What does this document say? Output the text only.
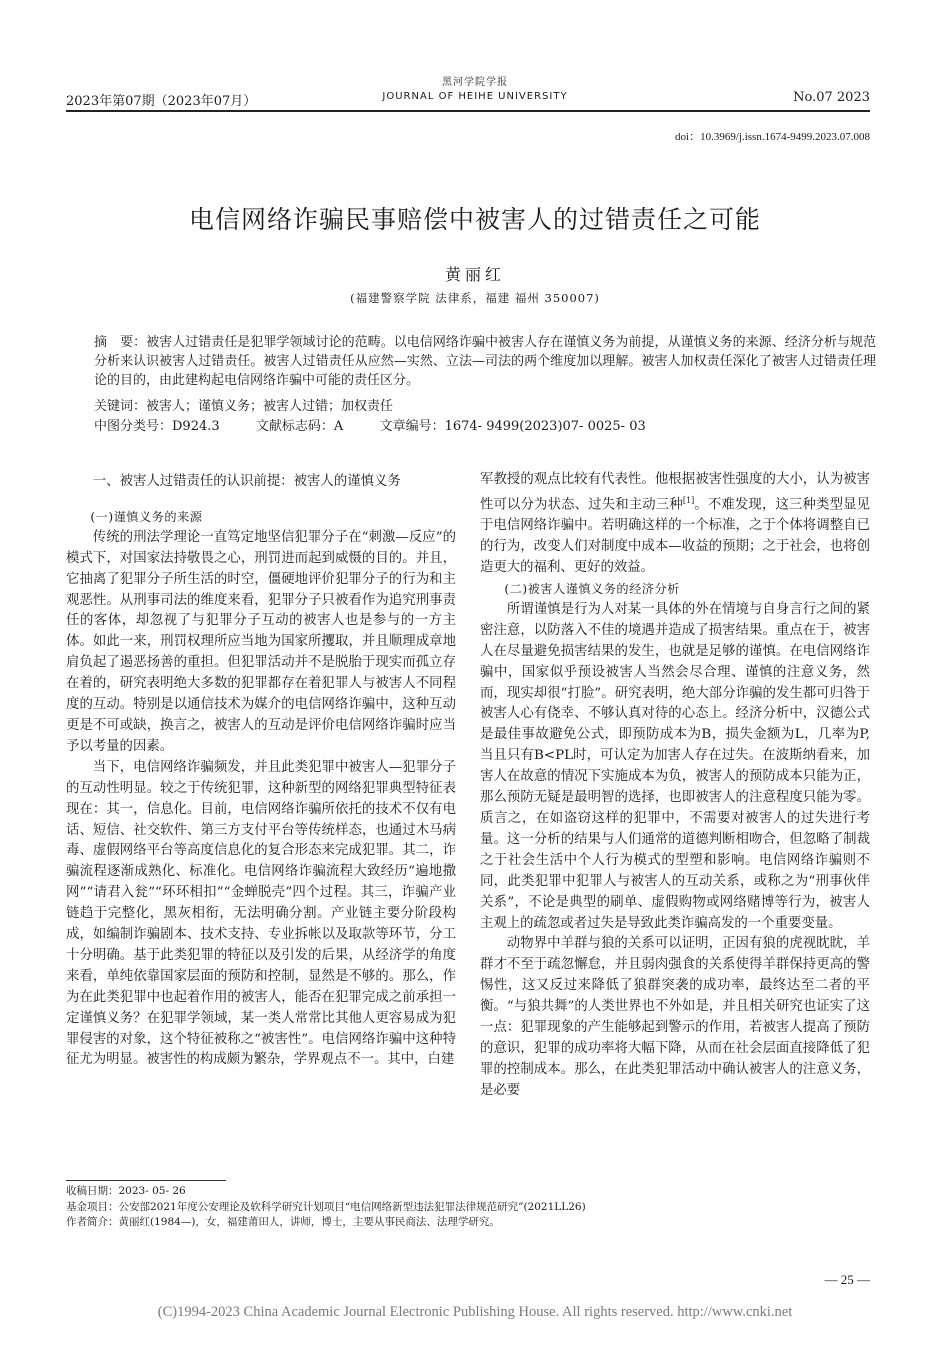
2023年第07期（2023年07月）
黑河学院学报
JOURNAL OF HEIHE UNIVERSITY	No.07 2023
doi：10.3969/j.issn.1674-9499.2023.07.008
电信网络诈骗民事赔偿中被害人的过错责任之可能
黄丽红
(福建警察学院 法律系，福建 福州 350007)
摘　要：被害人过错责任是犯罪学领域讨论的范畴。以电信网络诈骗中被害人存在谨慎义务为前提，从谨慎义务的来源、经济分析与规范分析来认识被害人过错责任。被害人过错责任从应然—实然、立法—司法的两个维度加以理解。被害人加权责任深化了被害人过错责任理论的目的，由此建构起电信网络诈骗中可能的责任区分。
关键词：被害人；谨慎义务；被害人过错；加权责任
中图分类号：D924.3	文献标志码：A	文章编号：1674- 9499(2023)07- 0025- 03
一、被害人过错责任的认识前提：被害人的谨慎义务
(一)谨慎义务的来源

传统的刑法学理论一直笃定地坚信犯罪分子在“刺激—反应”的模式下，对国家法持敬畏之心，刑罚进而起到威慑的目的。并且，它抽离了犯罪分子所生活的时空，僵硬地评价犯罪分子的行为和主观恶性。从刑事司法的维度来看，犯罪分子只被看作为追究刑事责任的客体，却忽视了与犯罪分子互动的被害人也是参与的一方主体。如此一来，刑罚权理所应当地为国家所攫取，并且顺理成章地肩负起了遏恶扬善的重担。但犯罪活动并不是脱胎于现实而孤立存在着的，研究表明绝大多数的犯罪都存在着犯罪人与被害人不同程度的互动。特别是以通信技术为媒介的电信网络诈骗中，这种互动更是不可或缺，换言之，被害人的互动是评价电信网络诈骗时应当予以考量的因素。

当下，电信网络诈骗频发，并且此类犯罪中被害人—犯罪分子的互动性明显。较之于传统犯罪，这种新型的网络犯罪典型特征表现在：其一，信息化。目前，电信网络诈骗所依托的技术不仅有电话、短信、社交软件、第三方支付平台等传统样态，也通过木马病毒、虚假网络平台等高度信息化的复合形态来完成犯罪。其二，诈骗流程逐渐成熟化、标准化。电信网络诈骗流程大致经历“遍地撒网”“请君入瓮”“环环相扣”“金蝉脱壳”四个过程。其三，诈骗产业链趋于完整化，黑灰相衔，无法明确分割。产业链主要分阶段构成，如编制诈骗剧本、技术支持、专业拆帐以及取款等环节，分工十分明确。基于此类犯罪的特征以及引发的后果，从经济学的角度来看，单纯依靠国家层面的预防和控制，显然是不够的。那么，作为在此类犯罪中也起着作用的被害人，能否在犯罪完成之前承担一定谨慎义务？在犯罪学领域，某一类人常常比其他人更容易成为犯罪侵害的对象，这个特征被称之“被害性”。电信网络诈骗中这种特征尤为明显。被害性的构成颇为繁杂，学界观点不一。其中，白建

军教授的观点比较有代表性。他根据被害性强度的大小，认为被害性可以分为状态、过失和主动三种[1]。不难发现，这三种类型显见于电信网络诈骗中。若明确这样的一个标准，之于个体将调整自已的行为，改变人们对制度中成本—收益的预期；之于社会，也将创造更大的福利、更好的效益。

(二)被害人谨慎义务的经济分析

所谓谨慎是行为人对某一具体的外在情境与自身言行之间的紧密注意，以防落入不佳的境遇并造成了损害结果。重点在于，被害人在尽量避免损害结果的发生，也就是足够的谨慎。在电信网络诈骗中，国家似乎预设被害人当然会尽合理、谨慎的注意义务，然而，现实却很“打脸”。研究表明，绝大部分诈骗的发生都可归咎于被害人心有侥幸、不够认真对待的心态上。经济分析中，汉德公式是最佳事故避免公式，即预防成本为B，损失金额为L，几率为P,当且只有B<PL时，可认定为加害人存在过失。在波斯纳看来，加害人在故意的情况下实施成本为负，被害人的预防成本只能为正，那么预防无疑是最明智的选择，也即被害人的注意程度只能为零。质言之，在如盗窃这样的犯罪中，不需要对被害人的过失进行考量。这一分析的结果与人们通常的道德判断相吻合，但忽略了制裁之于社会生活中个人行为模式的型塑和影响。电信网络诈骗则不同，此类犯罪中犯罪人与被害人的互动关系，或称之为“刑事伙伴关系”，不论是典型的刷单、虚假购物或网络赌博等行为，被害人主观上的疏忽或者过失是导致此类诈骗高发的一个重要变量。

动物界中羊群与狼的关系可以证明，正因有狼的虎视眈眈，羊群才不至于疏忽懈怠，并且弱肉强食的关系使得羊群保持更高的警惕性，这又反过来降低了狼群突袭的成功率，最终达至二者的平衡。“与狼共舞”的人类世界也不外如是，并且相关研究也证实了这一点：犯罪现象的产生能够起到警示的作用，若被害人提高了预防的意识，犯罪的成功率将大幅下降，从而在社会层面直接降低了犯罪的控制成本。那么，在此类犯罪活动中确认被害人的注意义务，是必要

收稿日期：2023- 05- 26
基金项目：公安部2021年度公安理论及软科学研究计划项目“电信网络新型违法犯罪法律规范研究”(2021LL26)
作者简介：黄丽红(1984—)，女，福建莆田人，讲师，博士，主要从事民商法、法理学研究。
— 25 —
(C)1994-2023 China Academic Journal Electronic Publishing House. All rights reserved. http://www.cnki.net
